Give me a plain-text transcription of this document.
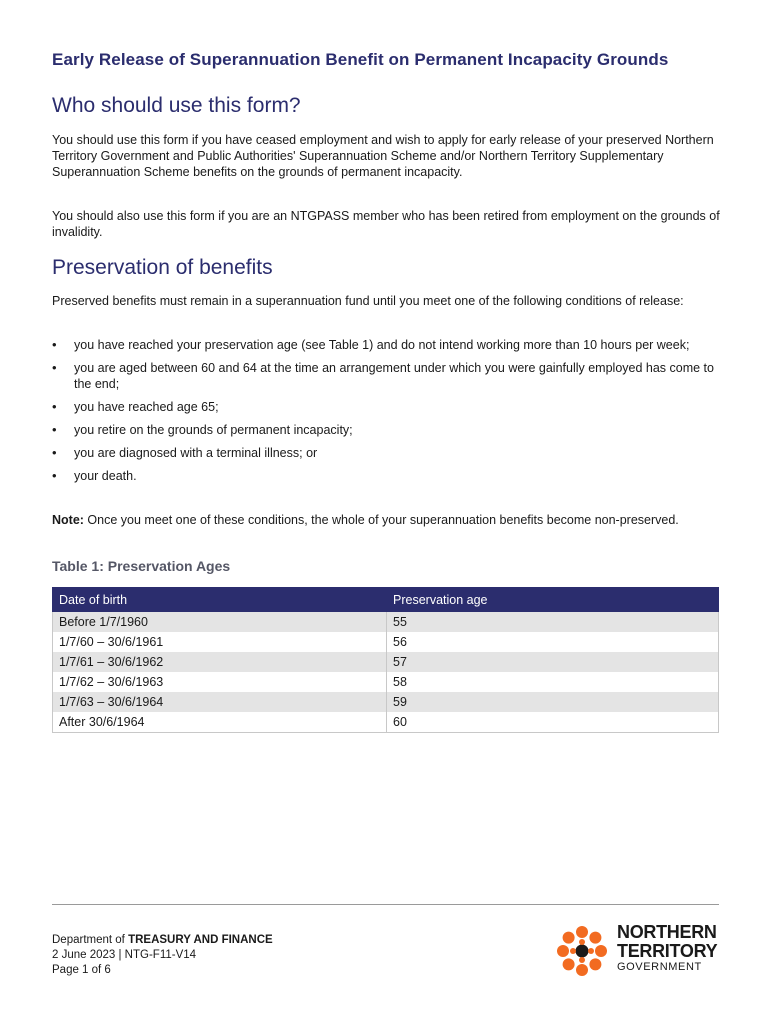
Early Release of Superannuation Benefit on Permanent Incapacity Grounds
Who should use this form?

You should use this form if you have ceased employment and wish to apply for early release of your preserved Northern Territory Government and Public Authorities' Superannuation Scheme and/or Northern Territory Supplementary Superannuation Scheme benefits on the grounds of permanent incapacity.

You should also use this form if you are an NTGPASS member who has been retired from employment on the grounds of invalidity.

Preservation of benefits

Preserved benefits must remain in a superannuation fund until you meet one of the following conditions of release:

• you have reached your preservation age (see Table 1) and do not intend working more than 10 hours per week;
• you are aged between 60 and 64 at the time an arrangement under which you were gainfully employed has come to the end;
• you have reached age 65;
• you retire on the grounds of permanent incapacity;
• you are diagnosed with a terminal illness; or
• your death.

Note: Once you meet one of these conditions, the whole of your superannuation benefits become non-preserved.

Table 1: Preservation Ages
Date of birth	Preservation age
Before 1/7/1960	55
1/7/60 – 30/6/1961	56
1/7/61 – 30/6/1962	57
1/7/62 – 30/6/1963	58
1/7/63 – 30/6/1964	59
After 30/6/1964	60
Department of TREASURY AND FINANCE
2 June 2023 | NTG-F11-V14
Page 1 of 6
NORTHERN
TERRITORY
GOVERNMENT
